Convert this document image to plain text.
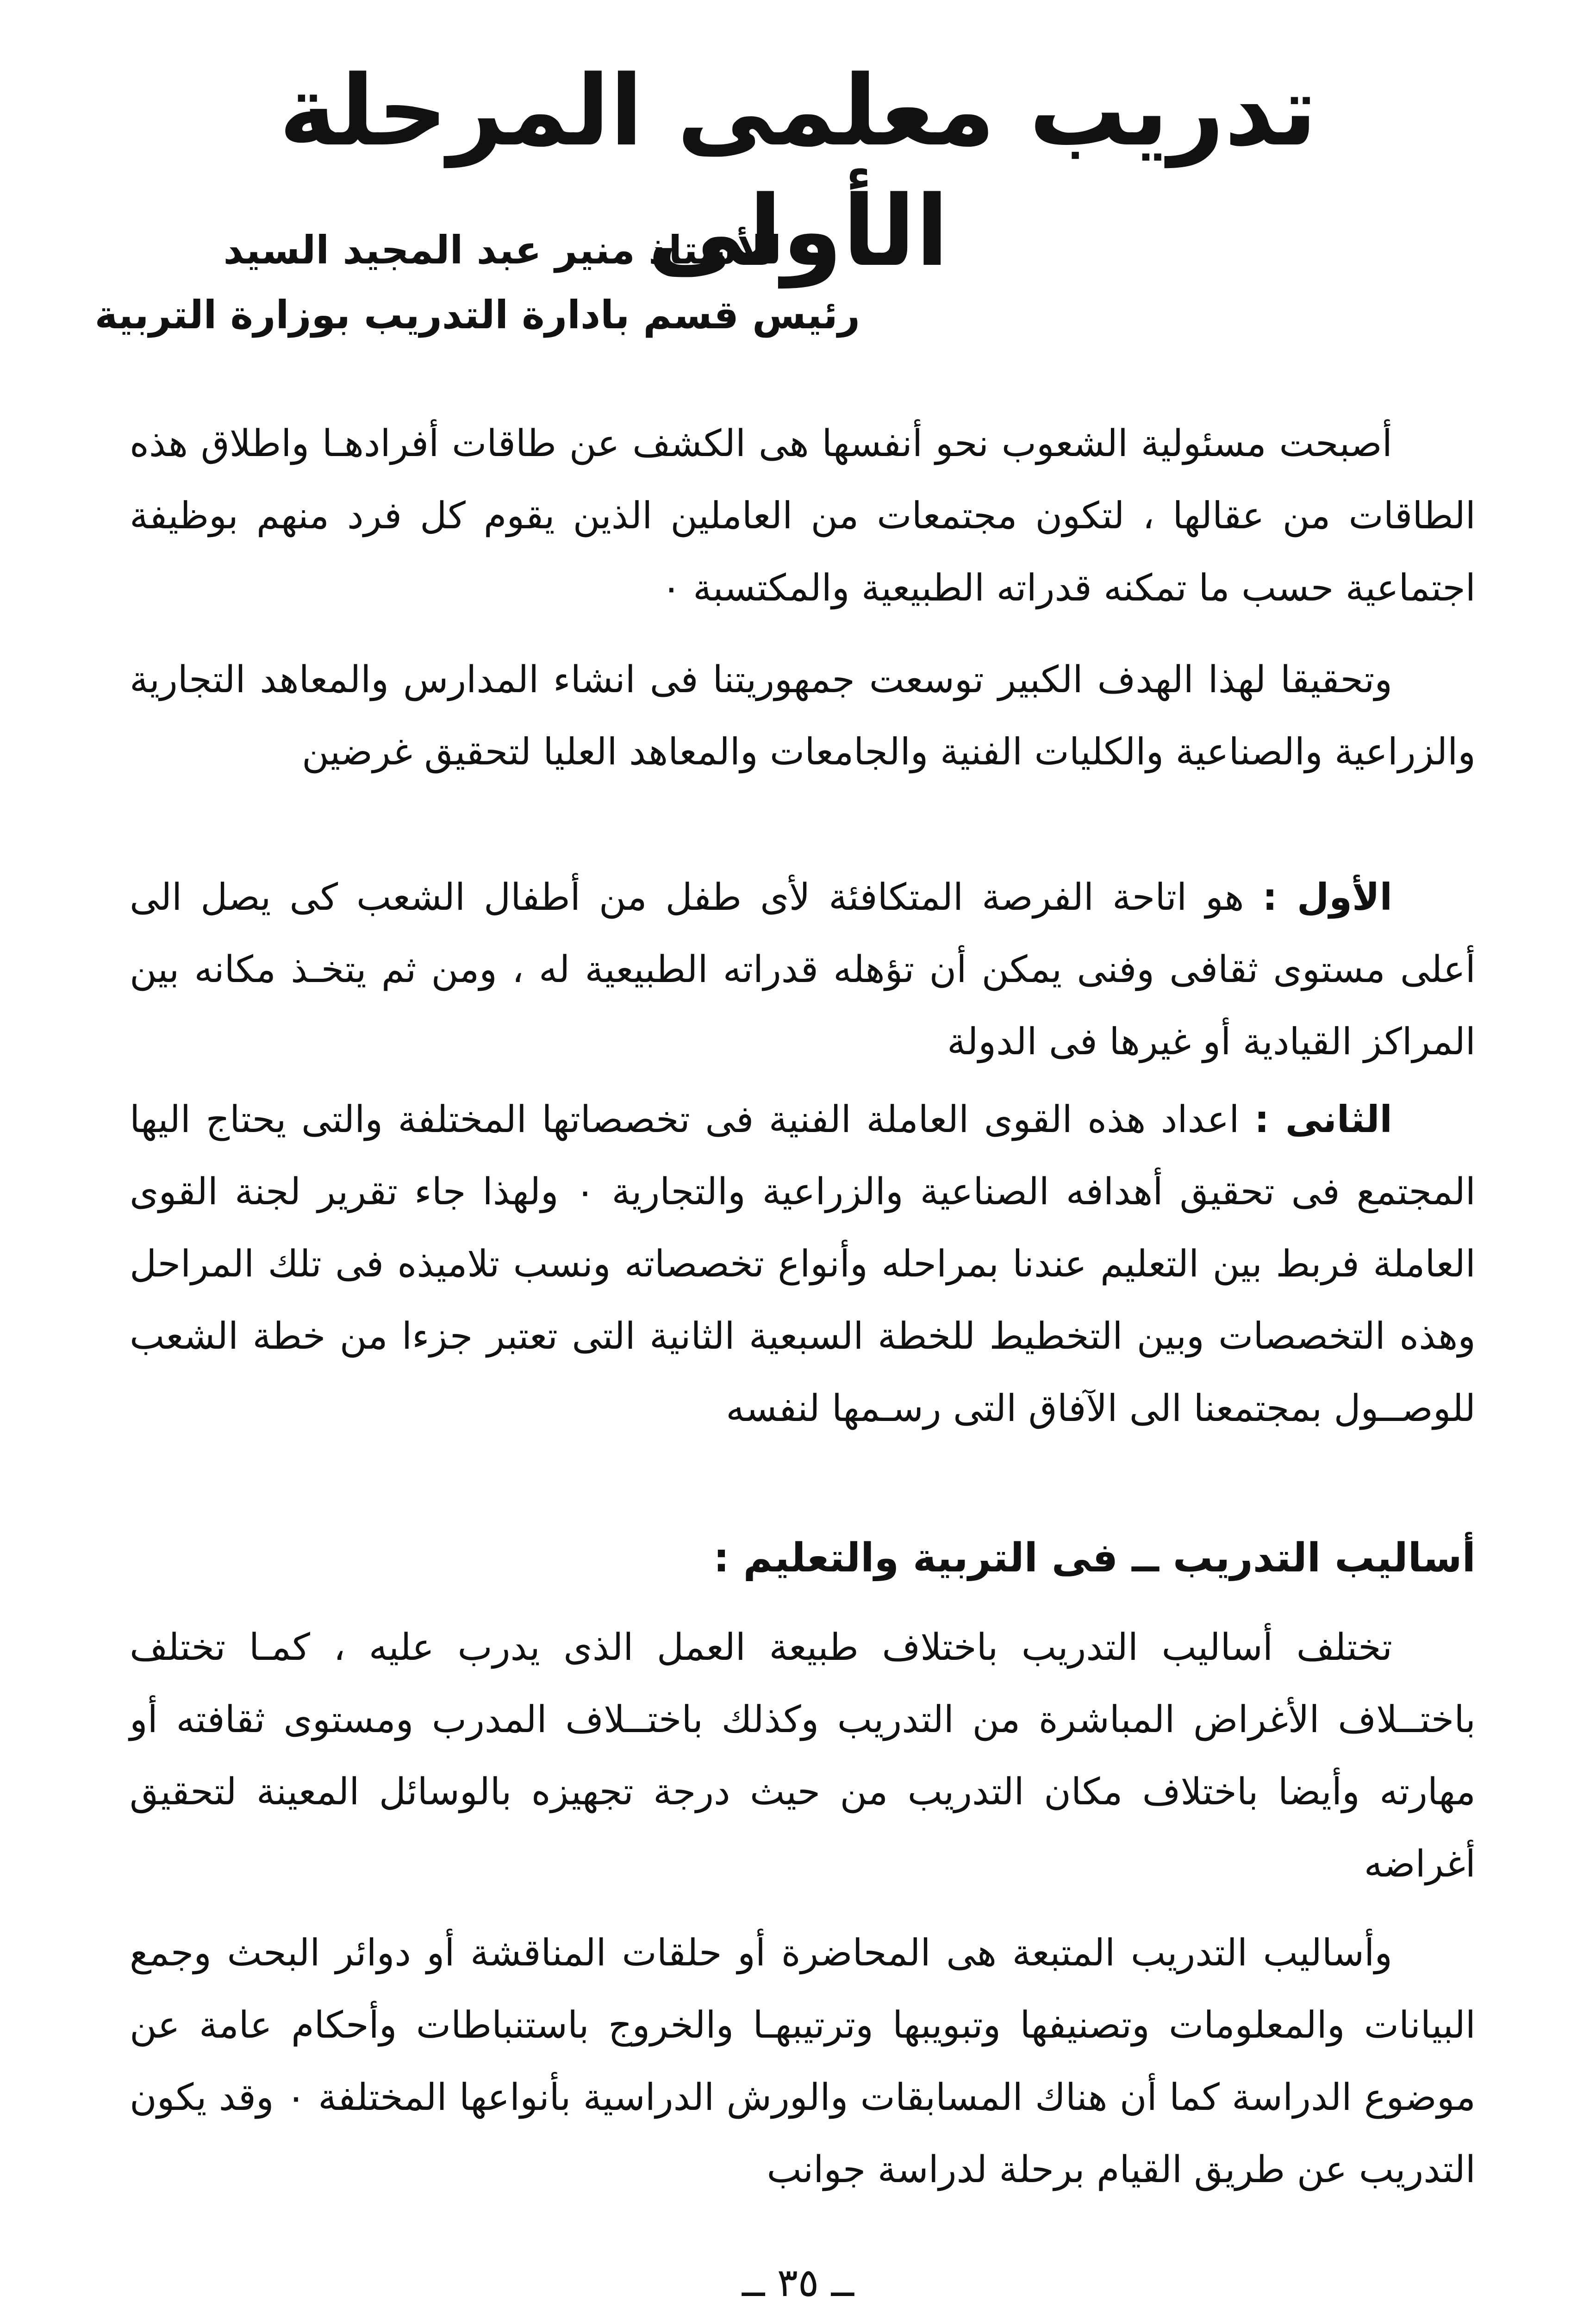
تدريب معلمى المرحلة الأولى
للأستاذ منير عبد المجيد السيد
رئيس قسم بادارة التدريب بوزارة التربية

أصبحت مسئولية الشعوب نحو أنفسها هى الكشف عن طاقات أفرادهـا واطلاق هذه الطاقات من عقالها ، لتكون مجتمعات من العاملين الذين يقوم كل فرد منهم بوظيفة اجتماعية حسب ما تمكنه قدراته الطبيعية والمكتسبة ٠

وتحقيقا لهذا الهدف الكبير توسعت جمهوريتنا فى انشاء المدارس والمعاهد التجارية والزراعية والصناعية والكليات الفنية والجامعات والمعاهد العليا لتحقيق غرضين

الأول : هو اتاحة الفرصة المتكافئة لأى طفل من أطفال الشعب كى يصل الى أعلى مستوى ثقافى وفنى يمكن أن تؤهله قدراته الطبيعية له ، ومن ثم يتخـذ مكانه بين المراكز القيادية أو غيرها فى الدولة

الثانى : اعداد هذه القوى العاملة الفنية فى تخصصاتها المختلفة والتى يحتاج اليها المجتمع فى تحقيق أهدافه الصناعية والزراعية والتجارية ٠ ولهذا جاء تقرير لجنة القوى العاملة فربط بين التعليم عندنا بمراحله وأنواع تخصصاته ونسب تلاميذه فى تلك المراحل وهذه التخصصات وبين التخطيط للخطة السبعية الثانية التى تعتبر جزءا من خطة الشعب للوصــول بمجتمعنا الى الآفاق التى رسـمها لنفسه

أساليب التدريب ــ فى التربية والتعليم :

تختلف أساليب التدريب باختلاف طبيعة العمل الذى يدرب عليه ، كمـا تختلف باختــلاف الأغراض المباشرة من التدريب وكذلك باختــلاف المدرب ومستوى ثقافته أو مهارته وأيضا باختلاف مكان التدريب من حيث درجة تجهيزه بالوسائل المعينة لتحقيق أغراضه

وأساليب التدريب المتبعة هى المحاضرة أو حلقات المناقشة أو دوائر البحث وجمع البيانات والمعلومات وتصنيفها وتبويبها وترتيبهـا والخروج باستنباطات وأحكام عامة عن موضوع الدراسة كما أن هناك المسابقات والورش الدراسية بأنواعها المختلفة ٠ وقد يكون التدريب عن طريق القيام برحلة لدراسة جوانب

ــ ٣٥ ــ
